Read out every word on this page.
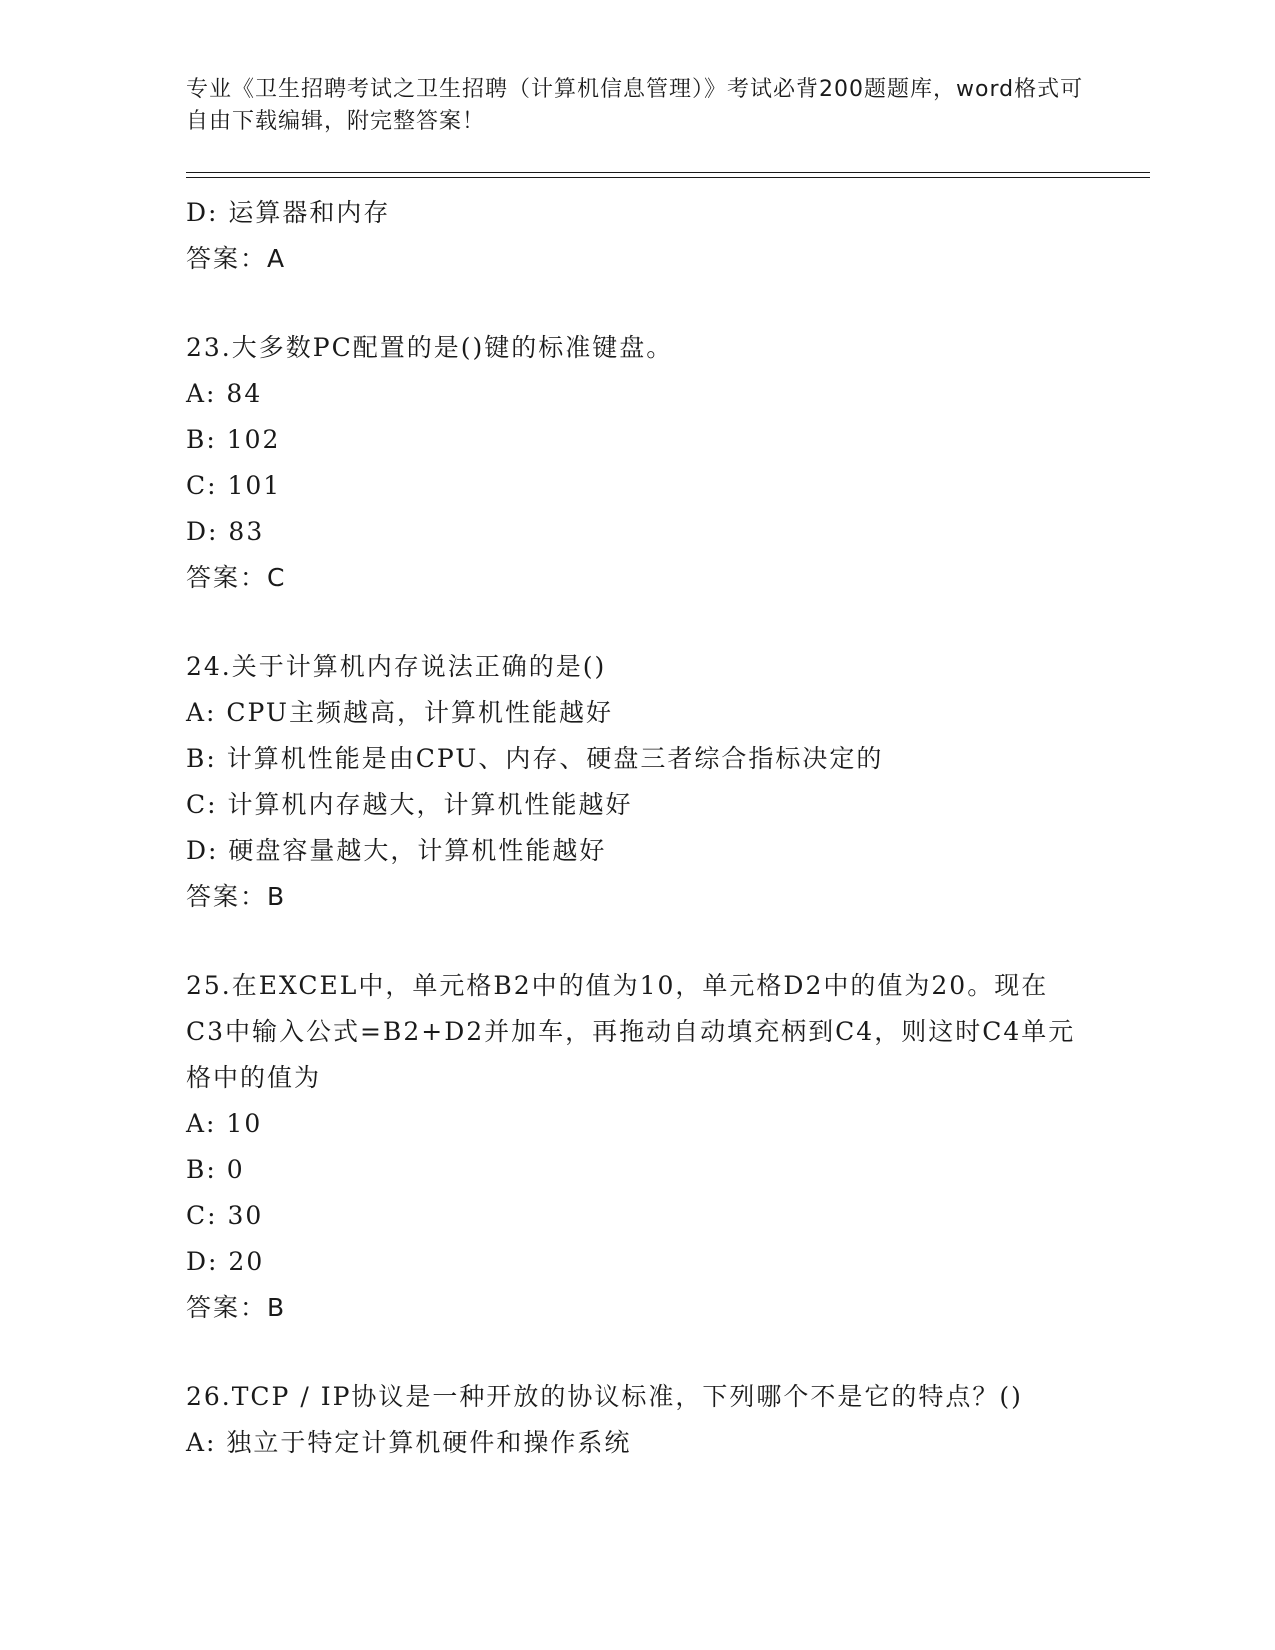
专业《卫生招聘考试之卫生招聘（计算机信息管理）》考试必背200题题库，word格式可自由下载编辑，附完整答案！
D: 运算器和内存
答案：A
23.大多数PC配置的是()键的标准键盘。
A: 84
B: 102
C: 101
D: 83
答案：C
24.关于计算机内存说法正确的是()
A: CPU主频越高，计算机性能越好
B: 计算机性能是由CPU、内存、硬盘三者综合指标决定的
C: 计算机内存越大，计算机性能越好
D: 硬盘容量越大，计算机性能越好
答案：B
25.在EXCEL中，单元格B2中的值为10，单元格D2中的值为20。现在C3中输入公式=B2+D2并加车，再拖动自动填充柄到C4，则这时C4单元格中的值为
A: 10
B: 0
C: 30
D: 20
答案：B
26.TCP / IP协议是一种开放的协议标准，下列哪个不是它的特点？()
A: 独立于特定计算机硬件和操作系统
